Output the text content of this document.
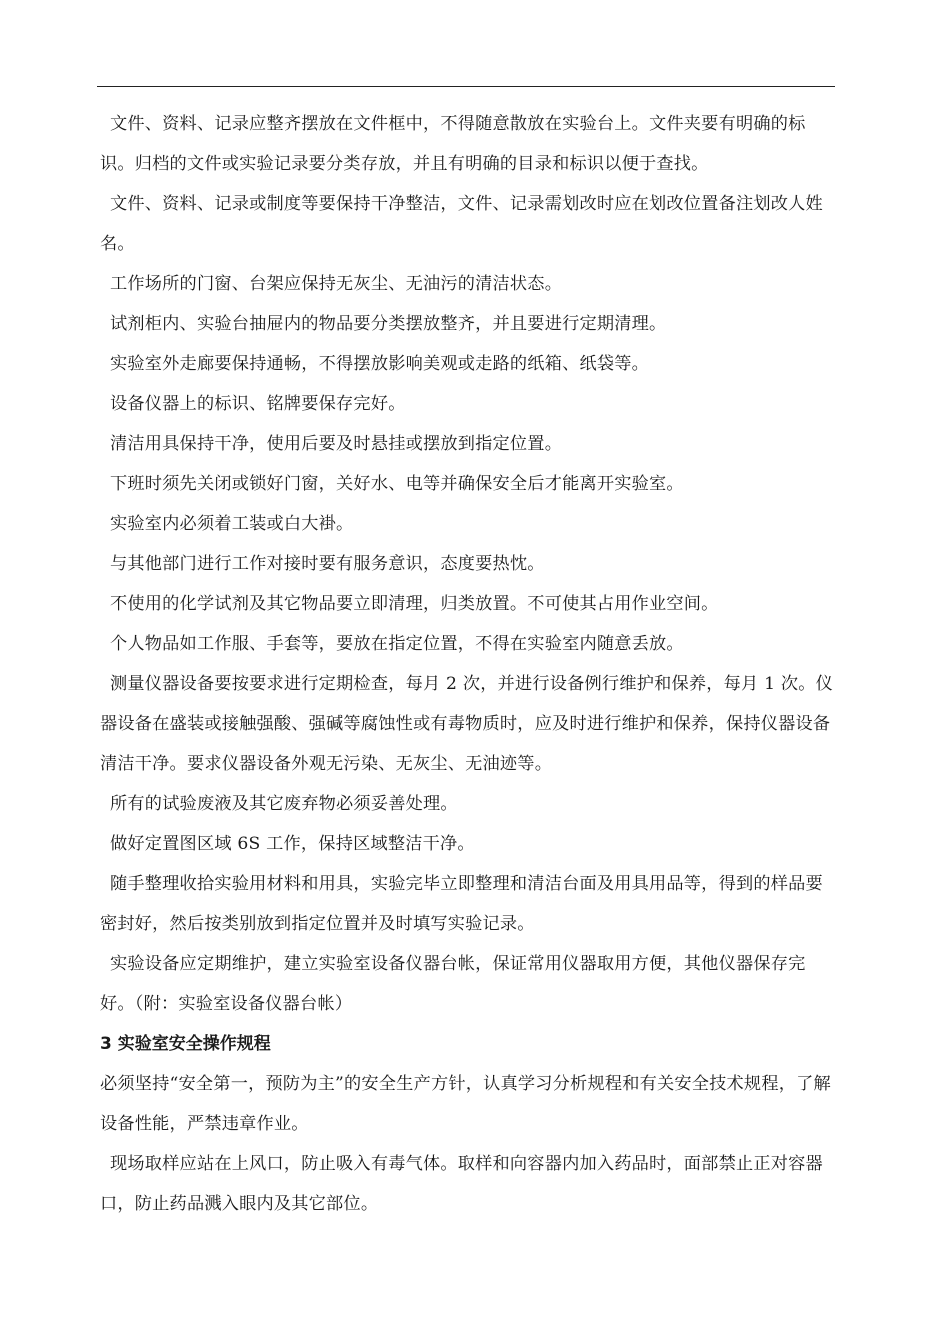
文件、资料、记录应整齐摆放在文件框中，不得随意散放在实验台上。文件夹要有明确的标识。归档的文件或实验记录要分类存放，并且有明确的目录和标识以便于查找。

文件、资料、记录或制度等要保持干净整洁，文件、记录需划改时应在划改位置备注划改人姓名。

工作场所的门窗、台架应保持无灰尘、无油污的清洁状态。

试剂柜内、实验台抽屉内的物品要分类摆放整齐，并且要进行定期清理。

实验室外走廊要保持通畅，不得摆放影响美观或走路的纸箱、纸袋等。

设备仪器上的标识、铭牌要保存完好。

清洁用具保持干净，使用后要及时悬挂或摆放到指定位置。

下班时须先关闭或锁好门窗，关好水、电等并确保安全后才能离开实验室。

实验室内必须着工装或白大褂。

与其他部门进行工作对接时要有服务意识，态度要热忱。

不使用的化学试剂及其它物品要立即清理，归类放置。不可使其占用作业空间。

个人物品如工作服、手套等，要放在指定位置，不得在实验室内随意丢放。

测量仪器设备要按要求进行定期检查，每月 2 次，并进行设备例行维护和保养，每月 1 次。仪器设备在盛装或接触强酸、强碱等腐蚀性或有毒物质时，应及时进行维护和保养，保持仪器设备清洁干净。要求仪器设备外观无污染、无灰尘、无油迹等。

所有的试验废液及其它废弃物必须妥善处理。

做好定置图区域 6S 工作，保持区域整洁干净。

随手整理收拾实验用材料和用具，实验完毕立即整理和清洁台面及用具用品等，得到的样品要密封好，然后按类别放到指定位置并及时填写实验记录。

实验设备应定期维护，建立实验室设备仪器台帐，保证常用仪器取用方便，其他仪器保存完好。（附：实验室设备仪器台帐）

3 实验室安全操作规程

必须坚持“安全第一，预防为主”的安全生产方针，认真学习分析规程和有关安全技术规程，了解设备性能，严禁违章作业。

现场取样应站在上风口，防止吸入有毒气体。取样和向容器内加入药品时，面部禁止正对容器口，防止药品溅入眼内及其它部位。
